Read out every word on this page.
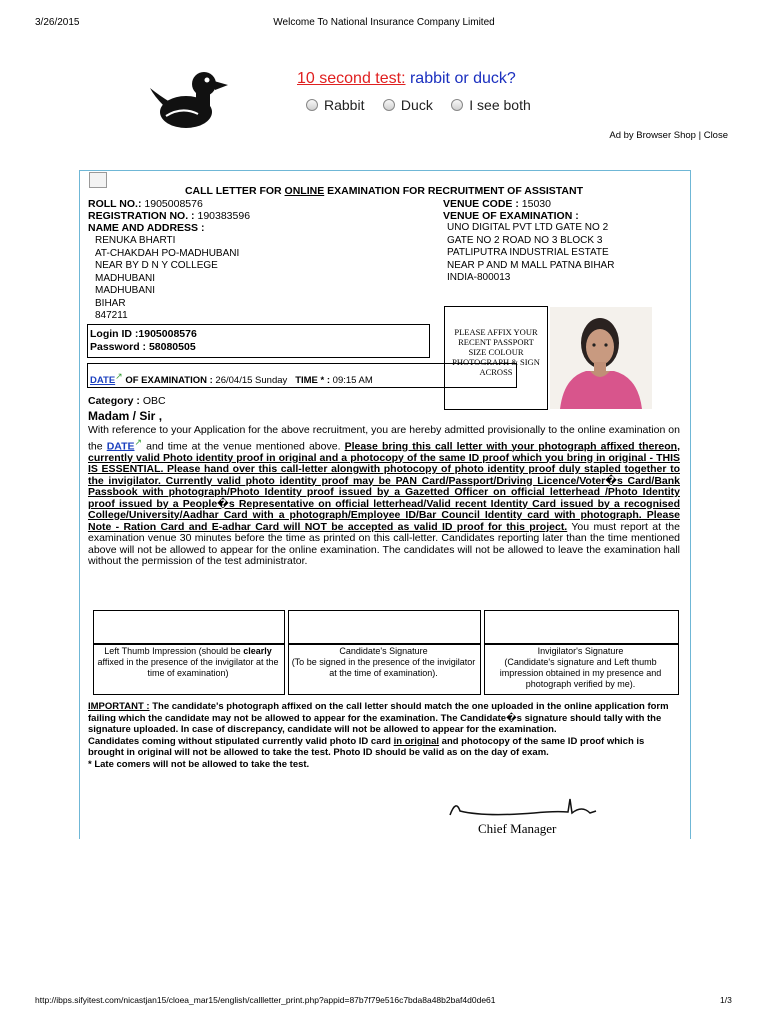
3/26/2015	Welcome To National Insurance Company Limited
10 second test: rabbit or duck?
Rabbit
	Duck
	I see both
Ad by Browser Shop | Close
CALL LETTER FOR ONLINE EXAMINATION FOR RECRUITMENT OF ASSISTANT
ROLL NO.: 1905008576
REGISTRATION NO. : 190383596
NAME AND ADDRESS :
RENUKA BHARTI
AT-CHAKDAH PO-MADHUBANI
NEAR BY D N Y COLLEGE
MADHUBANI
MADHUBANI
BIHAR
847211
VENUE CODE : 15030
VENUE OF EXAMINATION :
UNO DIGITAL PVT LTD GATE NO 2
GATE NO 2 ROAD NO 3 BLOCK 3
PATLIPUTRA INDUSTRIAL ESTATE
NEAR P AND M MALL PATNA BIHAR
INDIA-800013
Login ID :1905008576
Password : 58080505
DATE↗ OF EXAMINATION : 26/04/15 Sunday TIME * : 09:15 AM
PLEASE AFFIX YOUR RECENT PASSPORT SIZE COLOUR PHOTOGRAPH & SIGN ACROSS
Category : OBC
Madam / Sir ,
With reference to your Application for the above recruitment, you are hereby admitted provisionally to the online examination on the DATE↗ and time at the venue mentioned above. Please bring this call letter with your photograph affixed thereon, currently valid Photo identity proof in original and a photocopy of the same ID proof which you bring in original - THIS IS ESSENTIAL. Please hand over this call-letter alongwith photocopy of photo identity proof duly stapled together to the invigilator. Currently valid photo identity proof may be PAN Card/Passport/Driving Licence/Voter�s Card/Bank Passbook with photograph/Photo Identity proof issued by a Gazetted Officer on official letterhead /Photo Identity proof issued by a People�s Representative on official letterhead/Valid recent Identity Card issued by a recognised College/University/Aadhar Card with a photograph/Employee ID/Bar Council Identity card with photograph. Please Note - Ration Card and E-adhar Card will NOT be accepted as valid ID proof for this project. You must report at the examination venue 30 minutes before the time as printed on this call-letter. Candidates reporting later than the time mentioned above will not be allowed to appear for the online examination. The candidates will not be allowed to leave the examination hall without the permission of the test administrator.
Left Thumb Impression (should be clearly affixed in the presence of the invigilator at the time of examination)
Candidate's Signature
(To be signed in the presence of the invigilator at the time of examination).
Invigilator's Signature
(Candidate's signature and Left thumb impression obtained in my presence and photograph verified by me).
IMPORTANT : The candidate's photograph affixed on the call letter should match the one uploaded in the online application form failing which the candidate may not be allowed to appear for the examination. The Candidate�s signature should tally with the signature uploaded. In case of discrepancy, candidate will not be allowed to appear for the examination.
Candidates coming without stipulated currently valid photo ID card in original and photocopy of the same ID proof which is brought in original will not be allowed to take the test. Photo ID should be valid as on the day of exam.
* Late comers will not be allowed to take the test.
Chief Manager
http://ibps.sifyitest.com/nicastjan15/cloea_mar15/english/callletter_print.php?appid=87b7f79e516c7bda8a48b2baf4d0de61	1/3
